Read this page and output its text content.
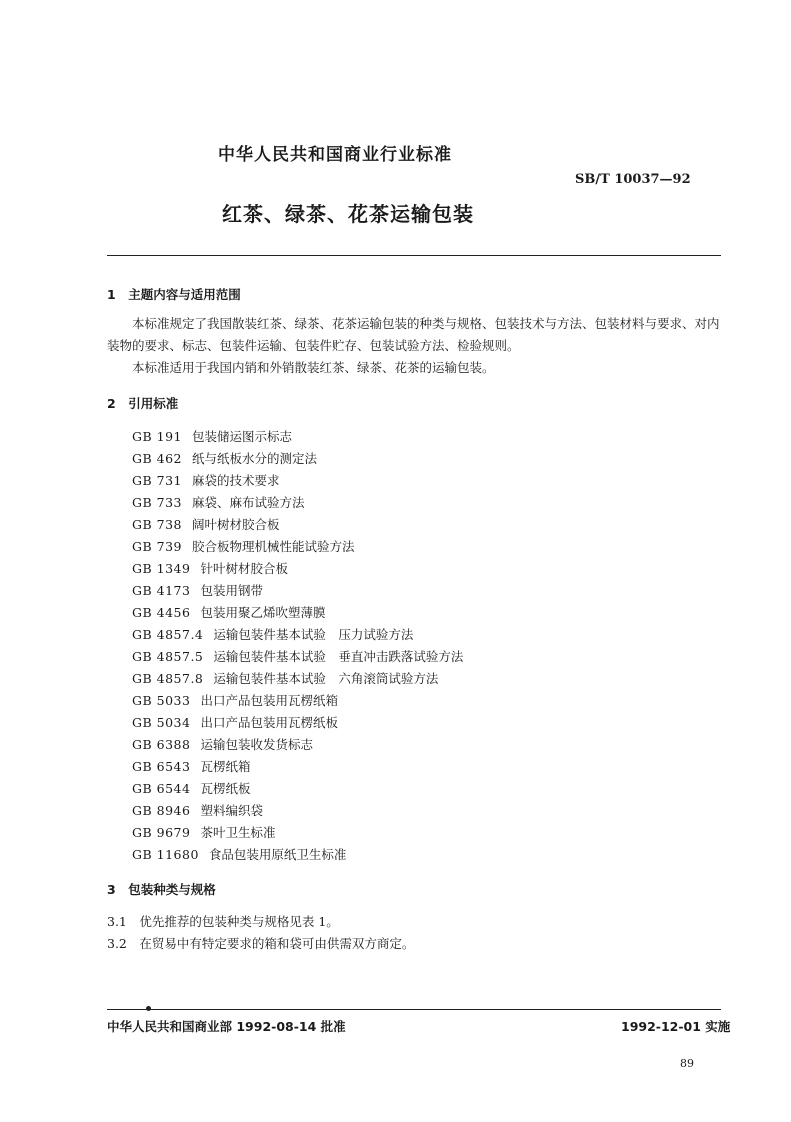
中华人民共和国商业行业标准
SB/T 10037—92
红茶、绿茶、花茶运输包装
1　主题内容与适用范围

本标准规定了我国散装红茶、绿茶、花茶运输包装的种类与规格、包装技术与方法、包装材料与要求、对内装物的要求、标志、包装件运输、包装件贮存、包装试验方法、检验规则。

本标准适用于我国内销和外销散装红茶、绿茶、花茶的运输包装。

2　引用标准
GB 191 包装储运图示标志
GB 462 纸与纸板水分的测定法
GB 731 麻袋的技术要求
GB 733 麻袋、麻布试验方法
GB 738 阔叶树材胶合板
GB 739 胶合板物理机械性能试验方法
GB 1349 针叶树材胶合板
GB 4173 包装用钢带
GB 4456 包装用聚乙烯吹塑薄膜
GB 4857.4 运输包装件基本试验　压力试验方法
GB 4857.5 运输包装件基本试验　垂直冲击跌落试验方法
GB 4857.8 运输包装件基本试验　六角滚筒试验方法
GB 5033 出口产品包装用瓦楞纸箱
GB 5034 出口产品包装用瓦楞纸板
GB 6388 运输包装收发货标志
GB 6543 瓦楞纸箱
GB 6544 瓦楞纸板
GB 8946 塑料编织袋
GB 9679 茶叶卫生标准
GB 11680 食品包装用原纸卫生标准
3　包装种类与规格
3.1　优先推荐的包装种类与规格见表 1。
3.2　在贸易中有特定要求的箱和袋可由供需双方商定。
中华人民共和国商业部 1992-08-14 批准	1992-12-01 实施
89
